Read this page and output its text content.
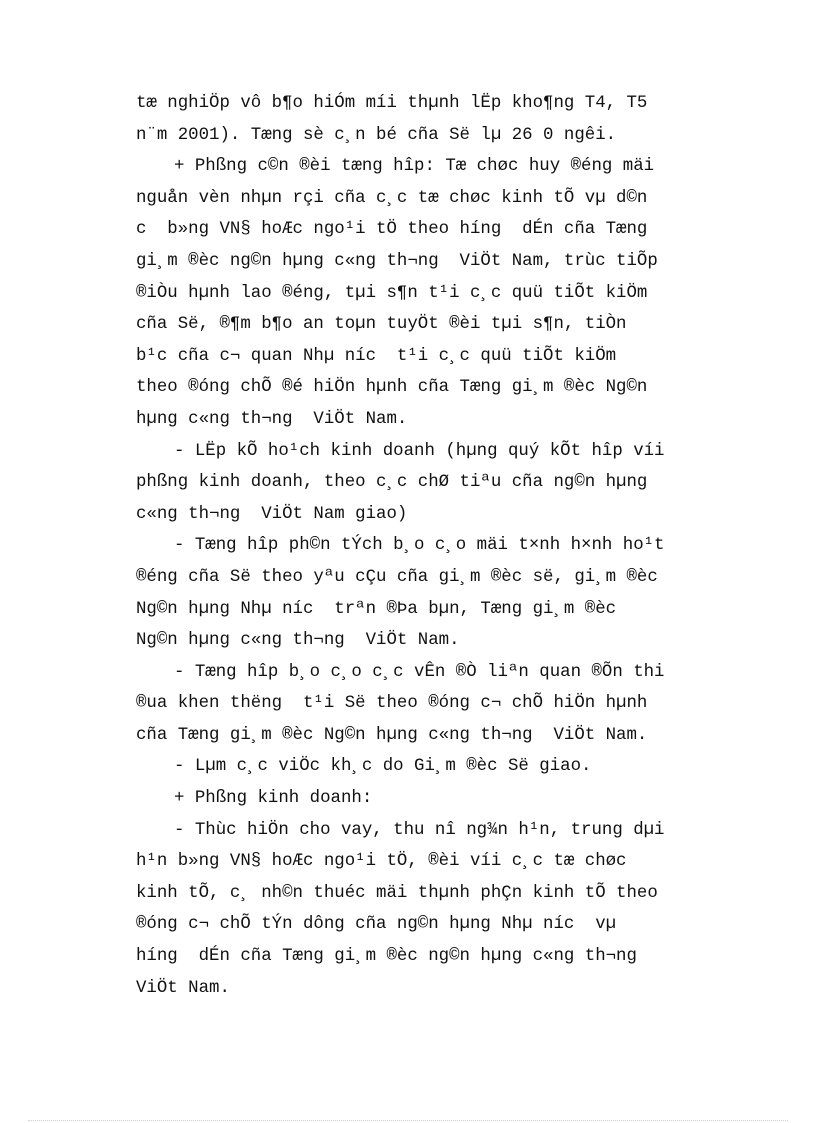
tæ nghiÖp vô b¶o hiÓm míi thµnh lËp kho¶ng T4, T5
n¨m 2001). Tæng sè c¸n bé cña Së lµ 26 0 ngêi.
+ Phßng c©n ®èi tæng hîp: Tæ chøc huy ®éng mäi
nguån vèn nhµn rçi cña c¸c tæ chøc kinh tÕ vµ d©n
c  b»ng VN§ hoÆc ngo¹i tÖ theo híng  dÉn cña Tæng
gi¸m ®èc ng©n hµng c«ng th¬ng  ViÖt Nam, trùc tiÕp
®iÒu hµnh lao ®éng, tµi s¶n t¹i c¸c quü tiÕt kiÖm
cña Së, ®¶m b¶o an toµn tuyÖt ®èi tµi s¶n, tiÒn
b¹c cña c¬ quan Nhµ níc  t¹i c¸c quü tiÕt kiÖm
theo ®óng chÕ ®é hiÖn hµnh cña Tæng gi¸m ®èc Ng©n
hµng c«ng th¬ng  ViÖt Nam.
- LËp kÕ ho¹ch kinh doanh (hµng quý kÕt hîp víi
phßng kinh doanh, theo c¸c chØ tiªu cña ng©n hµng
c«ng th¬ng  ViÖt Nam giao)
- Tæng hîp ph©n tÝch b¸o c¸o mäi t×nh h×nh ho¹t
®éng cña Së theo yªu cÇu cña gi¸m ®èc së, gi¸m ®èc
Ng©n hµng Nhµ níc  trªn ®Þa bµn, Tæng gi¸m ®èc
Ng©n hµng c«ng th¬ng  ViÖt Nam.
- Tæng hîp b¸o c¸o c¸c vÊn ®Ò liªn quan ®Õn thi
®ua khen thëng  t¹i Së theo ®óng c¬ chÕ hiÖn hµnh
cña Tæng gi¸m ®èc Ng©n hµng c«ng th¬ng  ViÖt Nam.
- Lµm c¸c viÖc kh¸c do Gi¸m ®èc Së giao.
+ Phßng kinh doanh:
- Thùc hiÖn cho vay, thu nî ng¾n h¹n, trung dµi
h¹n b»ng VN§ hoÆc ngo¹i tÖ, ®èi víi c¸c tæ chøc
kinh tÕ, c¸ nh©n thuéc mäi thµnh phÇn kinh tÕ theo
®óng c¬ chÕ tÝn dông cña ng©n hµng Nhµ níc  vµ
híng  dÉn cña Tæng gi¸m ®èc ng©n hµng c«ng th¬ng
ViÖt Nam.
